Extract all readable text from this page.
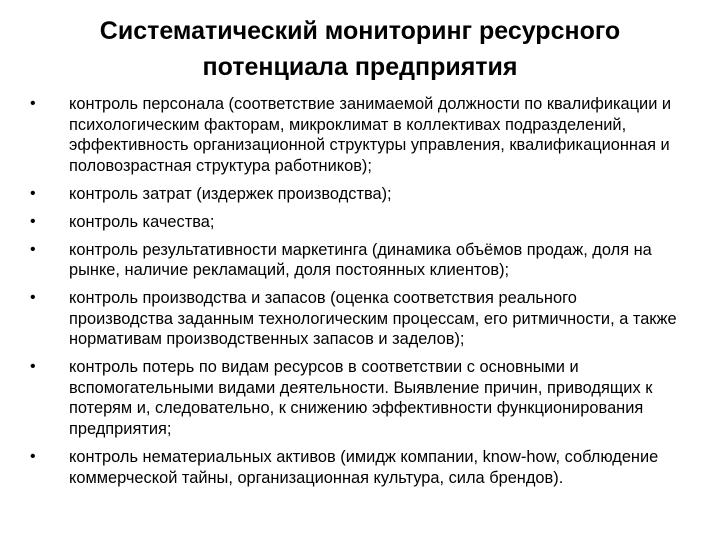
Систематический мониторинг ресурсного
потенциала предприятия
•	контроль персонала (соответствие занимаемой должности по квалификации и психологическим факторам, микроклимат в коллективах подразделений, эффективность организационной структуры управления, квалификационная и половозрастная структура работников);
•	контроль затрат (издержек производства);
•	контроль качества;
•	контроль результативности маркетинга (динамика объёмов продаж, доля на рынке, наличие рекламаций, доля постоянных клиентов);
•	контроль производства и запасов (оценка соответствия реального производства заданным технологическим процессам, его ритмичности, а также нормативам производственных запасов и заделов);
•	контроль потерь по видам ресурсов в соответствии с основными и вспомогательными видами деятельности. Выявление причин, приводящих к потерям и, следовательно, к снижению эффективности функционирования предприятия;
•	контроль нематериальных активов (имидж компании, know-how, соблюдение коммерческой тайны, организационная культура, сила брендов).
